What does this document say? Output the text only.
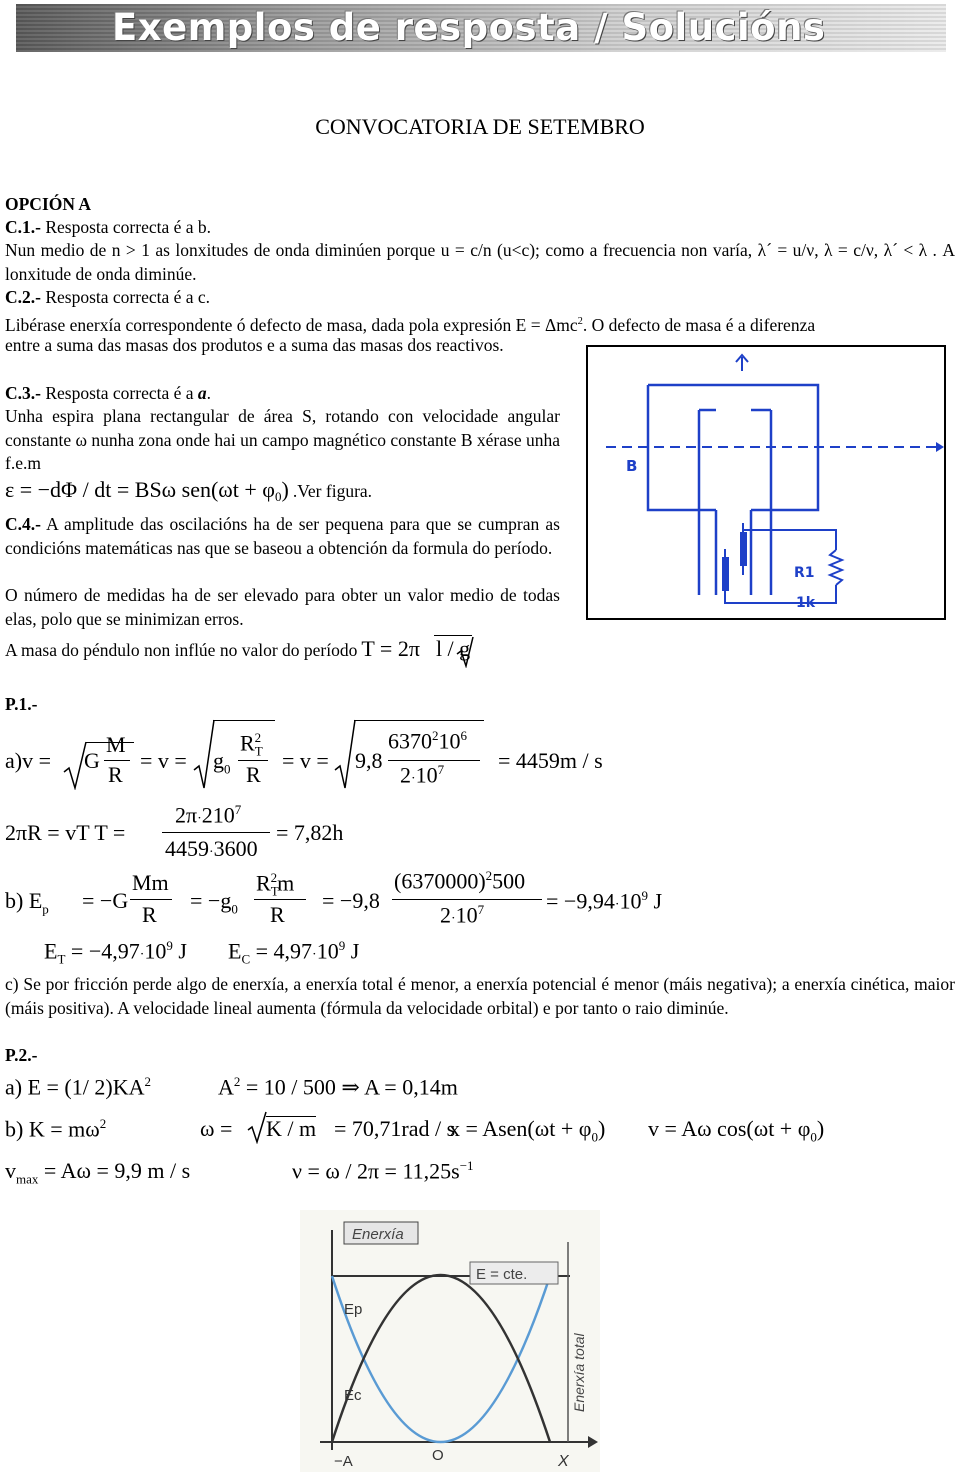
Exemplos de resposta / Solucións
CONVOCATORIA DE SETEMBRO
OPCIÓN A
C.1.- Resposta correcta é a b.
Nun medio de n > 1 as lonxitudes de onda diminúen porque u = c/n (u<c); como a frecuencia non varía, λ´ = u/ν, λ = c/ν, λ´ < λ . A lonxitude de onda diminúe.
C.2.- Resposta correcta é a c.
Libérase enerxía correspondente ó defecto de masa, dada pola expresión E = Δmc$^2$. O defecto de masa é a diferenza
entre a suma das masas dos produtos e a suma das masas dos reactivos.
C.3.- Resposta correcta é a a.
Unha espira plana rectangular de área S, rotando con velocidade angular constante ω nunha zona onde hai un campo magnético constante B xérase unha f.e.m
ε = −dΦ / dt = BSω $sen(\omega t + \varphi_0)$ .Ver figura.
C.4.- A amplitude das oscilacións ha de ser pequena para que se cumpran as condicións matemáticas nas que se baseou a obtención da formula do período.
O número de medidas ha de ser elevado para obter un valor medio de todas elas, polo que se minimizan erros.
A masa do péndulo non inflúe no valor do período T = 2π l / g
B
R1
1k
P.1.-
a)v = G
M
R
= $v = g_0$
$R_T^2$
R
= v = 9,8
$6370^210^6$
$2\cdot 10^7 = 4459m / s$
2πR = vT T =
$2\pi\cdot 210^7$
4459·3600
= 7,82h
b) $E_p = -G$
Mm
R
= $-g_0$
$R_T^2m$
R
= −9,8
$(6370000)^2500$
$2\cdot 10^7$	= $-9,94\cdot 10^9$ J
$E_T = -4,97\cdot 10^9$ J $E_C = 4,97\cdot 10^9$ J
c) Se por fricción perde algo de enerxía, a enerxía total é menor, a enerxía potencial é menor (máis negativa); a enerxía cinética, maior (máis positiva). A velocidade lineal aumenta (fórmula da velocidade orbital) e por tanto o raio diminúe.
P.2.-
a) E = (1/ $2)KA^2$	$A^2 = 10 / 500$ ⇒ A = 0,14m
b) $K = m\omega^2$	ω = K / m = 70,71rad / s
x = Asen(ωt + $\varphi_0$) v = Aω $\cos(\omega t + \varphi_0)$
$v_{max} = A\omega = 9,9$ m / s	$\nu = \omega / 2\pi = 11,25s^{-1}$
Enerxía
E = cte.
Ep
Ec	Enerxía total
−A	O	X
